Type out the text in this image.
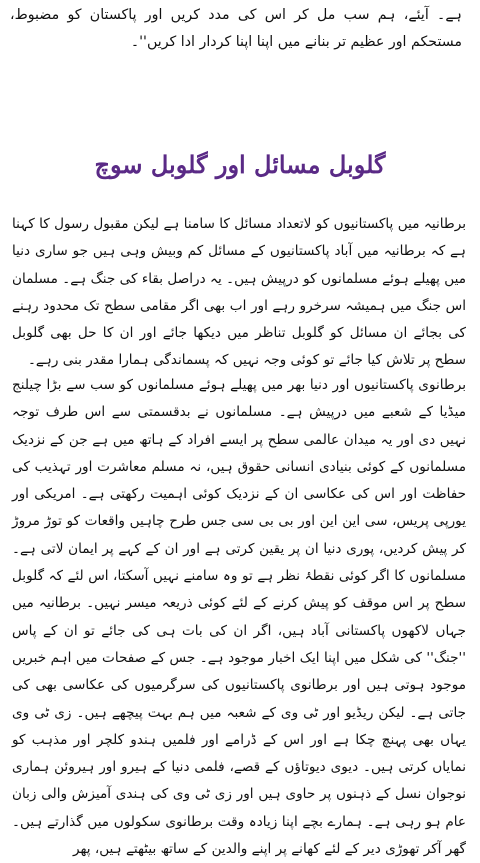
ہے۔ آیئے، ہم سب مل کر اس کی مدد کریں اور پاکستان کو مضبوط، مستحکم اور عظیم تر بنانے میں اپنا اپنا کردار ادا کریں''۔

گلوبل مسائل اور گلوبل سوچ

برطانیہ میں پاکستانیوں کو لاتعداد مسائل کا سامنا ہے لیکن مقبول رسول کا کہنا ہے کہ برطانیہ میں آباد پاکستانیوں کے مسائل کم وبیش وہی ہیں جو ساری دنیا میں پھیلے ہوئے مسلمانوں کو درپیش ہیں۔ یہ دراصل بقاء کی جنگ ہے۔ مسلمان اس جنگ میں ہمیشہ سرخرو رہے اور اب بھی اگر مقامی سطح تک محدود رہنے کی بجائے ان مسائل کو گلوبل تناظر میں دیکھا جائے اور ان کا حل بھی گلوبل سطح پر تلاش کیا جائے تو کوئی وجہ نہیں کہ پسماندگی ہمارا مقدر بنی رہے۔

برطانوی پاکستانیوں اور دنیا بھر میں پھیلے ہوئے مسلمانوں کو سب سے بڑا چیلنج میڈیا کے شعبے میں درپیش ہے۔ مسلمانوں نے بدقسمتی سے اس طرف توجہ نہیں دی اور یہ میدان عالمی سطح پر ایسے افراد کے ہاتھ میں ہے جن کے نزدیک مسلمانوں کے کوئی بنیادی انسانی حقوق ہیں، نہ مسلم معاشرت اور تہذیب کی حفاظت اور اس کی عکاسی ان کے نزدیک کوئی اہمیت رکھتی ہے۔ امریکی اور یورپی پریس، سی این این اور بی بی سی جس طرح چاہیں واقعات کو توڑ مروڑ کر پیش کردیں، پوری دنیا ان پر یقین کرتی ہے اور ان کے کہے پر ایمان لاتی ہے۔ مسلمانوں کا اگر کوئی نقطۂ نظر ہے تو وہ سامنے نہیں آسکتا، اس لئے کہ گلوبل سطح پر اس موقف کو پیش کرنے کے لئے کوئی ذریعہ میسر نہیں۔ برطانیہ میں جہاں لاکھوں پاکستانی آباد ہیں، اگر ان کی بات ہی کی جائے تو ان کے پاس ''جنگ'' کی شکل میں اپنا ایک اخبار موجود ہے۔ جس کے صفحات میں اہم خبریں موجود ہوتی ہیں اور برطانوی پاکستانیوں کی سرگرمیوں کی عکاسی بھی کی جاتی ہے۔ لیکن ریڈیو اور ٹی وی کے شعبہ میں ہم بہت پیچھے ہیں۔ زی ٹی وی یہاں بھی پہنچ چکا ہے اور اس کے ڈرامے اور فلمیں ہندو کلچر اور مذہب کو نمایاں کرتی ہیں۔ دیوی دیوتاؤں کے قصے، فلمی دنیا کے ہیرو اور ہیروئن ہماری نوجوان نسل کے ذہنوں پر حاوی ہیں اور زی ٹی وی کی ہندی آمیزش والی زبان عام ہو رہی ہے۔ ہمارے بچے اپنا زیادہ وقت برطانوی سکولوں میں گذارتے ہیں۔ گھر آکر تھوڑی دیر کے لئے کھانے پر اپنے والدین کے ساتھ بیٹھتے ہیں، پھر
